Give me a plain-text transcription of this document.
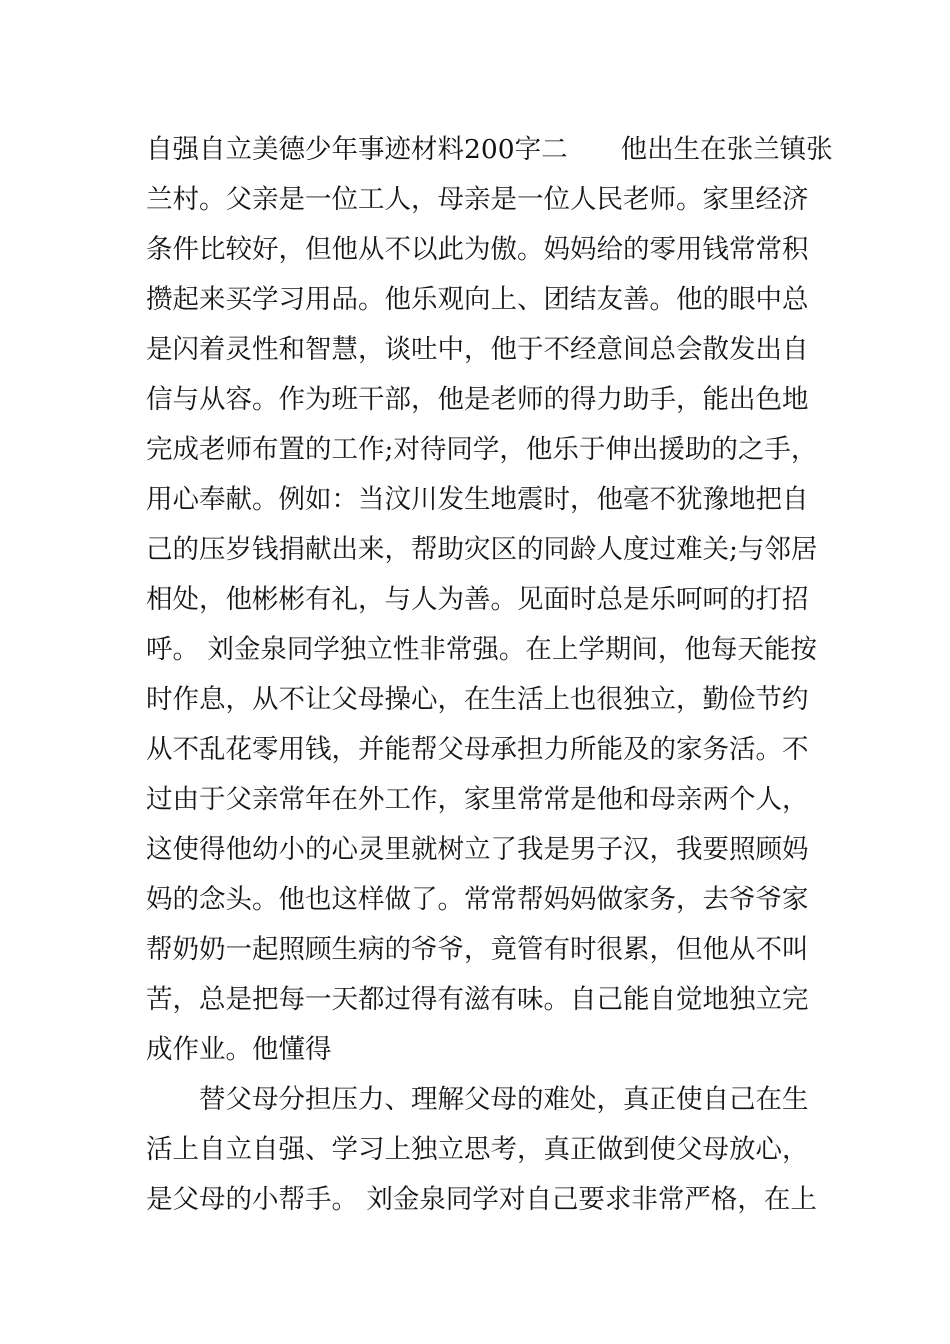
自强自立美德少年事迹材料200字二　　他出生在张兰镇张
兰村。父亲是一位工人，母亲是一位人民老师。家里经济
条件比较好，但他从不以此为傲。妈妈给的零用钱常常积
攒起来买学习用品。他乐观向上、团结友善。他的眼中总
是闪着灵性和智慧，谈吐中，他于不经意间总会散发出自
信与从容。作为班干部，他是老师的得力助手，能出色地
完成老师布置的工作;对待同学，他乐于伸出援助的之手，
用心奉献。例如：当汶川发生地震时，他毫不犹豫地把自
己的压岁钱捐献出来，帮助灾区的同龄人度过难关;与邻居
相处，他彬彬有礼，与人为善。见面时总是乐呵呵的打招
呼。 刘金泉同学独立性非常强。在上学期间，他每天能按
时作息，从不让父母操心，在生活上也很独立，勤俭节约
从不乱花零用钱，并能帮父母承担力所能及的家务活。不
过由于父亲常年在外工作，家里常常是他和母亲两个人，
这使得他幼小的心灵里就树立了我是男子汉，我要照顾妈
妈的念头。他也这样做了。常常帮妈妈做家务，去爷爷家
帮奶奶一起照顾生病的爷爷，竟管有时很累，但他从不叫
苦，总是把每一天都过得有滋有味。自己能自觉地独立完
成作业。他懂得
　　替父母分担压力、理解父母的难处，真正使自己在生
活上自立自强、学习上独立思考，真正做到使父母放心，
是父母的小帮手。 刘金泉同学对自己要求非常严格，在上
